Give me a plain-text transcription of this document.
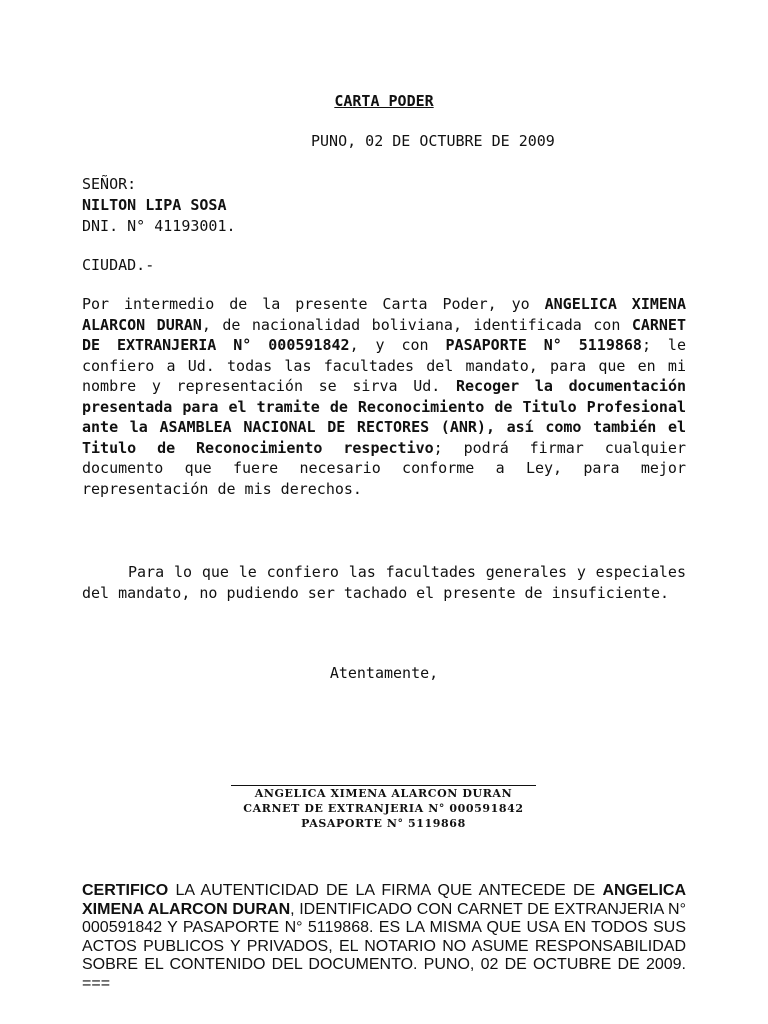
CARTA PODER
PUNO, 02 DE OCTUBRE DE 2009
SEÑOR:
NILTON LIPA SOSA
DNI. N° 41193001.
CIUDAD.-
Por intermedio de la presente Carta Poder, yo ANGELICA XIMENA ALARCON DURAN, de nacionalidad boliviana, identificada con CARNET DE EXTRANJERIA N° 000591842, y con PASAPORTE N° 5119868; le confiero a Ud. todas las facultades del mandato, para que en mi nombre y representación se sirva Ud. Recoger la documentación presentada para el tramite de Reconocimiento de Titulo Profesional ante la ASAMBLEA NACIONAL DE RECTORES (ANR), así como también el Titulo de Reconocimiento respectivo; podrá firmar cualquier documento que fuere necesario conforme a Ley, para mejor representación de mis derechos.
Para lo que le confiero las facultades generales y especiales del mandato, no pudiendo ser tachado el presente de insuficiente.
Atentamente,
ANGELICA XIMENA ALARCON DURAN
CARNET DE EXTRANJERIA N° 000591842
PASAPORTE N° 5119868
CERTIFICO LA AUTENTICIDAD DE LA FIRMA QUE ANTECEDE DE ANGELICA XIMENA ALARCON DURAN, IDENTIFICADO CON CARNET DE EXTRANJERIA N° 000591842 Y PASAPORTE N° 5119868. ES LA MISMA QUE USA EN TODOS SUS ACTOS PUBLICOS Y PRIVADOS, EL NOTARIO NO ASUME RESPONSABILIDAD SOBRE EL CONTENIDO DEL DOCUMENTO. PUNO, 02 DE OCTUBRE DE 2009. ===
